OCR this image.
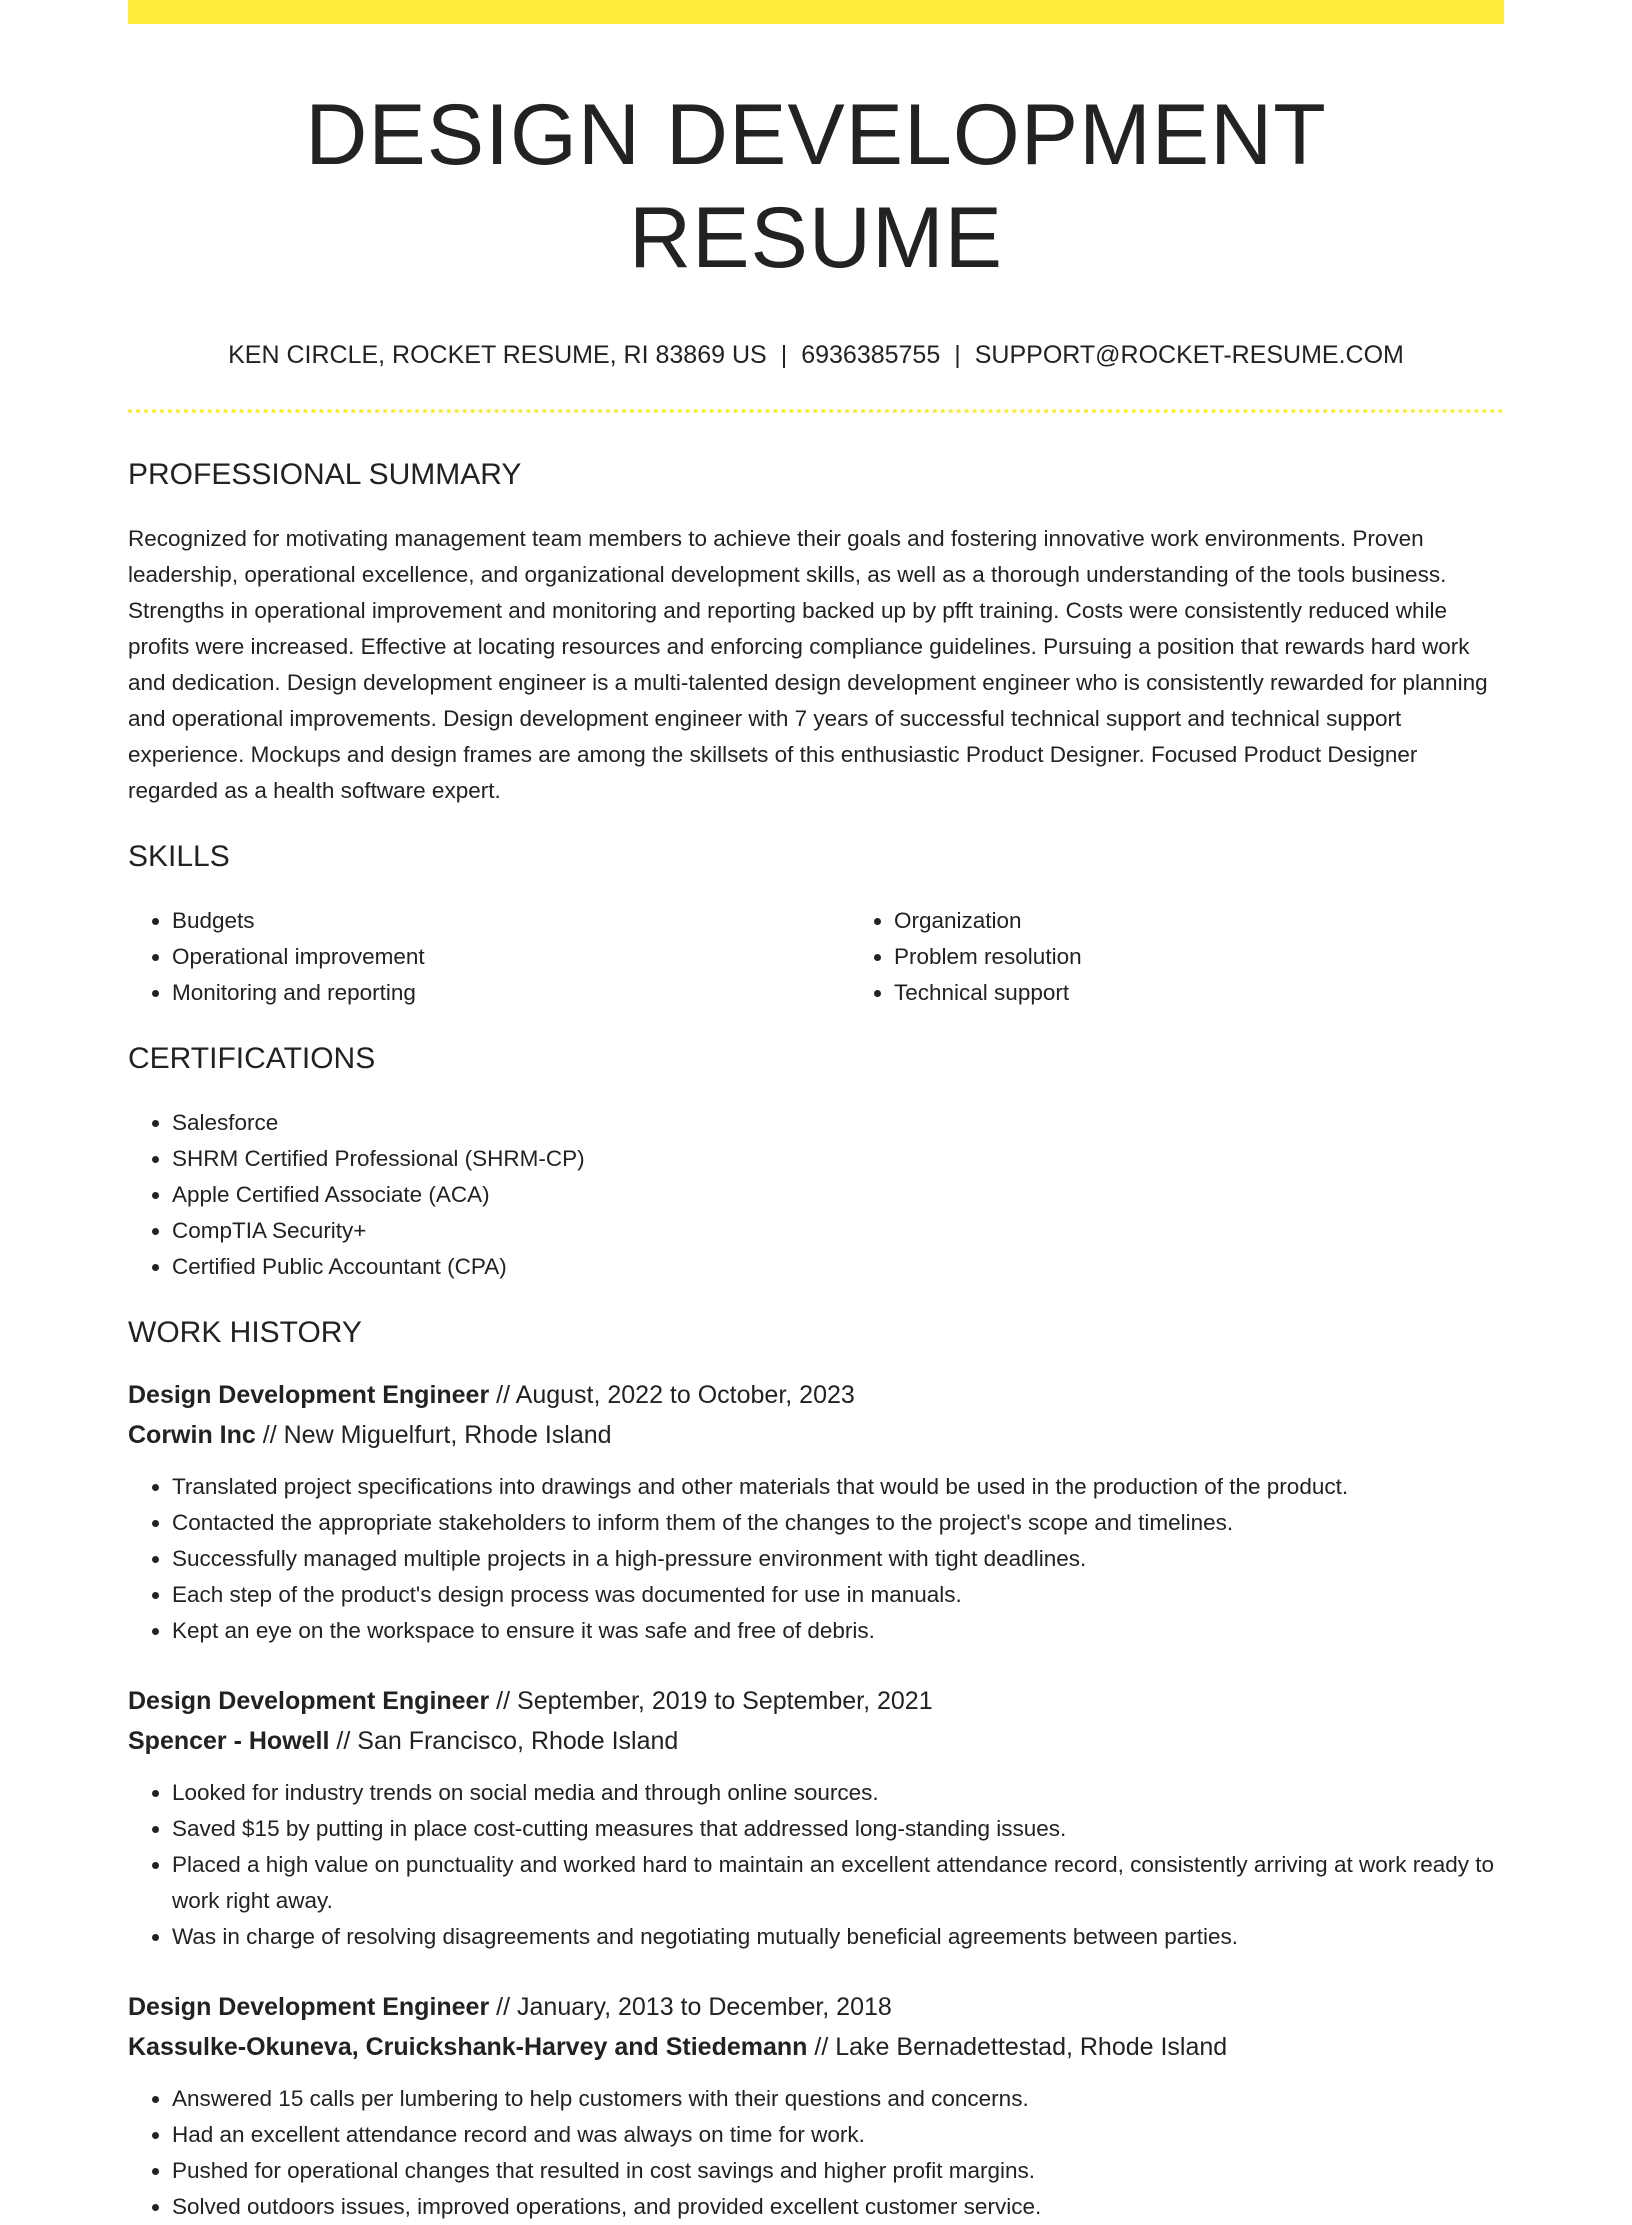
DESIGN DEVELOPMENT RESUME
KEN CIRCLE, ROCKET RESUME, RI 83869 US | 6936385755 | SUPPORT@ROCKET-RESUME.COM
PROFESSIONAL SUMMARY

Recognized for motivating management team members to achieve their goals and fostering innovative work environments. Proven leadership, operational excellence, and organizational development skills, as well as a thorough understanding of the tools business. Strengths in operational improvement and monitoring and reporting backed up by pfft training. Costs were consistently reduced while profits were increased. Effective at locating resources and enforcing compliance guidelines. Pursuing a position that rewards hard work and dedication. Design development engineer is a multi-talented design development engineer who is consistently rewarded for planning and operational improvements. Design development engineer with 7 years of successful technical support and technical support experience. Mockups and design frames are among the skillsets of this enthusiastic Product Designer. Focused Product Designer regarded as a health software expert.

SKILLS
• Budgets
• Operational improvement
• Monitoring and reporting
• Organization
• Problem resolution
• Technical support
CERTIFICATIONS
• Salesforce
• SHRM Certified Professional (SHRM-CP)
• Apple Certified Associate (ACA)
• CompTIA Security+
• Certified Public Accountant (CPA)
WORK HISTORY
Design Development Engineer // August, 2022 to October, 2023
Corwin Inc // New Miguelfurt, Rhode Island
• Translated project specifications into drawings and other materials that would be used in the production of the product.
• Contacted the appropriate stakeholders to inform them of the changes to the project's scope and timelines.
• Successfully managed multiple projects in a high-pressure environment with tight deadlines.
• Each step of the product's design process was documented for use in manuals.
• Kept an eye on the workspace to ensure it was safe and free of debris.
Design Development Engineer // September, 2019 to September, 2021
Spencer - Howell // San Francisco, Rhode Island
• Looked for industry trends on social media and through online sources.
• Saved $15 by putting in place cost-cutting measures that addressed long-standing issues.
• Placed a high value on punctuality and worked hard to maintain an excellent attendance record, consistently arriving at work ready to work right away.
• Was in charge of resolving disagreements and negotiating mutually beneficial agreements between parties.
Design Development Engineer // January, 2013 to December, 2018
Kassulke-Okuneva, Cruickshank-Harvey and Stiedemann // Lake Bernadettestad, Rhode Island
• Answered 15 calls per lumbering to help customers with their questions and concerns.
• Had an excellent attendance record and was always on time for work.
• Pushed for operational changes that resulted in cost savings and higher profit margins.
• Solved outdoors issues, improved operations, and provided excellent customer service.
